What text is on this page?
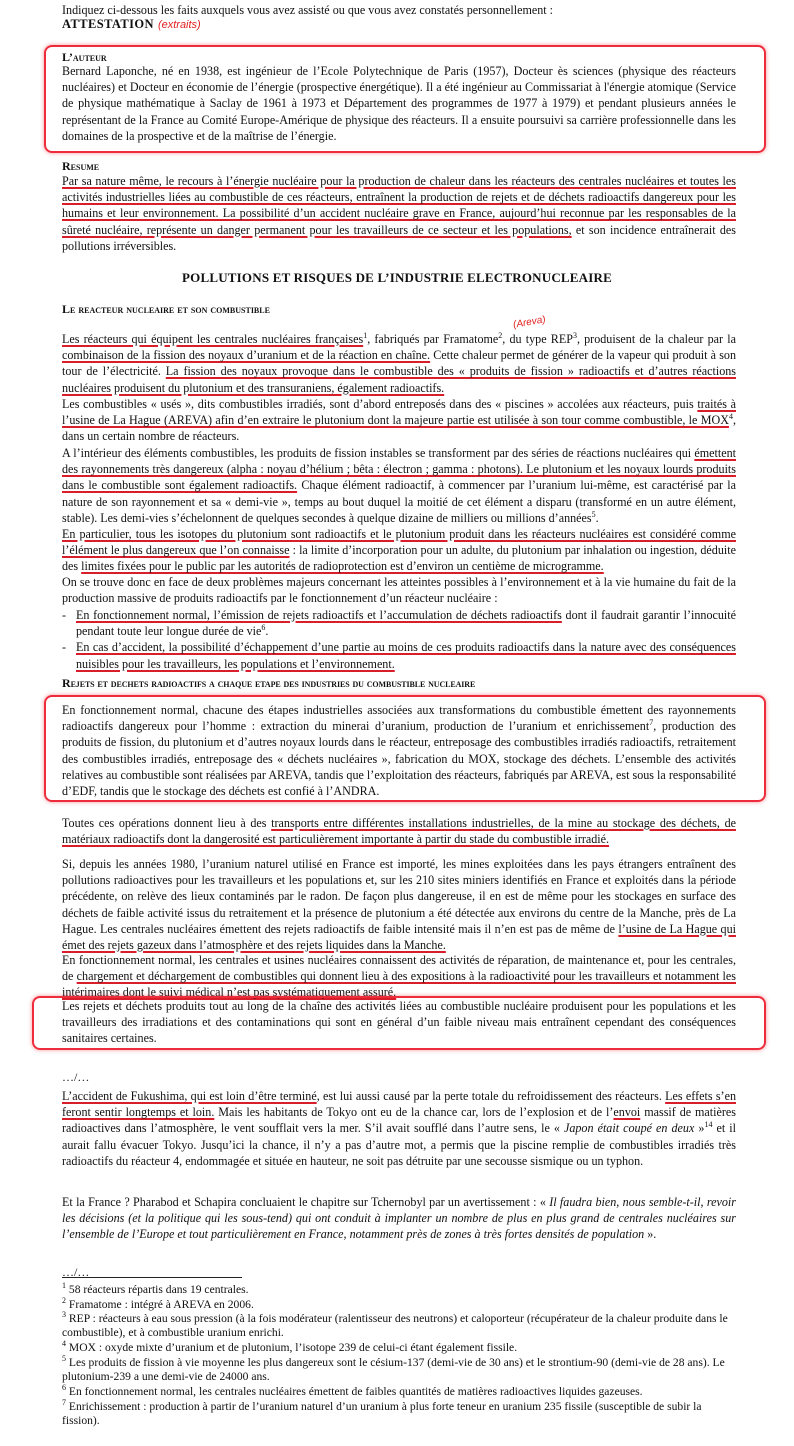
Indiquez ci-dessous les faits auxquels vous avez assisté ou que vous avez constatés personnellement :

ATTESTATION (extraits)
L’auteur

Bernard Laponche, né en 1938, est ingénieur de l’Ecole Polytechnique de Paris (1957), Docteur ès sciences (physique des réacteurs nucléaires) et Docteur en économie de l’énergie (prospective énergétique). Il a été ingénieur au Commissariat à l'énergie atomique (Service de physique mathématique à Saclay de 1961 à 1973 et Département des programmes de 1977 à 1979) et pendant plusieurs années le représentant de la France au Comité Europe-Amérique de physique des réacteurs. Il a ensuite poursuivi sa carrière professionnelle dans les domaines de la prospective et de la maîtrise de l’énergie.

Resume

Par sa nature même, le recours à l’énergie nucléaire pour la production de chaleur dans les réacteurs des centrales nucléaires et toutes les activités industrielles liées au combustible de ces réacteurs, entraînent la production de rejets et de déchets radioactifs dangereux pour les humains et leur environnement. La possibilité d’un accident nucléaire grave en France, aujourd’hui reconnue par les responsables de la sûreté nucléaire, représente un danger permanent pour les travailleurs de ce secteur et les populations, et son incidence entraînerait des pollutions irréversibles.

POLLUTIONS ET RISQUES DE L’INDUSTRIE ELECTRONUCLEAIRE
Le reacteur nucleaire et son combustible
(Areva)

Les réacteurs qui équipent les centrales nucléaires françaises$^1$, fabriqués par Framatome$^2$, du type REP$^3$, produisent de la chaleur par la combinaison de la fission des noyaux d’uranium et de la réaction en chaîne. Cette chaleur permet de générer de la vapeur qui produit à son tour de l’électricité. La fission des noyaux provoque dans le combustible des « produits de fission » radioactifs et d’autres réactions nucléaires produisent du plutonium et des transuraniens, également radioactifs.

Les combustibles « usés », dits combustibles irradiés, sont d’abord entreposés dans des « piscines » accolées aux réacteurs, puis traités à l’usine de La Hague (AREVA) afin d’en extraire le plutonium dont la majeure partie est utilisée à son tour comme combustible, le MOX$^4$, dans un certain nombre de réacteurs.

A l’intérieur des éléments combustibles, les produits de fission instables se transforment par des séries de réactions nucléaires qui émettent des rayonnements très dangereux (alpha : noyau d’hélium ; bêta : électron ; gamma : photons). Le plutonium et les noyaux lourds produits dans le combustible sont également radioactifs. Chaque élément radioactif, à commencer par l’uranium lui-même, est caractérisé par la nature de son rayonnement et sa « demi-vie », temps au bout duquel la moitié de cet élément a disparu (transformé en un autre élément, stable). Les demi-vies s’échelonnent de quelques secondes à quelque dizaine de milliers ou millions d’années$^5$.

En particulier, tous les isotopes du plutonium sont radioactifs et le plutonium produit dans les réacteurs nucléaires est considéré comme l’élément le plus dangereux que l’on connaisse : la limite d’incorporation pour un adulte, du plutonium par inhalation ou ingestion, déduite des limites fixées pour le public par les autorités de radioprotection est d’environ un centième de microgramme.

On se trouve donc en face de deux problèmes majeurs concernant les atteintes possibles à l’environnement et à la vie humaine du fait de la production massive de produits radioactifs par le fonctionnement d’un réacteur nucléaire :

- En fonctionnement normal, l’émission de rejets radioactifs et l’accumulation de déchets radioactifs dont il faudrait garantir l’innocuité pendant toute leur longue durée de vie$^6$.
- En cas d’accident, la possibilité d’échappement d’une partie au moins de ces produits radioactifs dans la nature avec des conséquences nuisibles pour les travailleurs, les populations et l’environnement.
Rejets et dechets radioactifs a chaque etape des industries du combustible nucleaire

En fonctionnement normal, chacune des étapes industrielles associées aux transformations du combustible émettent des rayonnements radioactifs dangereux pour l’homme : extraction du minerai d’uranium, production de l’uranium et enrichissement$^7$, production des produits de fission, du plutonium et d’autres noyaux lourds dans le réacteur, entreposage des combustibles irradiés radioactifs, retraitement des combustibles irradiés, entreposage des « déchets nucléaires », fabrication du MOX, stockage des déchets. L’ensemble des activités relatives au combustible sont réalisées par AREVA, tandis que l’exploitation des réacteurs, fabriqués par AREVA, est sous la responsabilité d’EDF, tandis que le stockage des déchets est confié à l’ANDRA.

Toutes ces opérations donnent lieu à des transports entre différentes installations industrielles, de la mine au stockage des déchets, de matériaux radioactifs dont la dangerosité est particulièrement importante à partir du stade du combustible irradié.

Si, depuis les années 1980, l’uranium naturel utilisé en France est importé, les mines exploitées dans les pays étrangers entraînent des pollutions radioactives pour les travailleurs et les populations et, sur les 210 sites miniers identifiés en France et exploités dans la période précédente, on relève des lieux contaminés par le radon. De façon plus dangereuse, il en est de même pour les stockages en surface des déchets de faible activité issus du retraitement et la présence de plutonium a été détectée aux environs du centre de la Manche, près de La Hague. Les centrales nucléaires émettent des rejets radioactifs de faible intensité mais il n’en est pas de même de l’usine de La Hague qui émet des rejets gazeux dans l’atmosphère et des rejets liquides dans la Manche.

En fonctionnement normal, les centrales et usines nucléaires connaissent des activités de réparation, de maintenance et, pour les centrales, de chargement et déchargement de combustibles qui donnent lieu à des expositions à la radioactivité pour les travailleurs et notamment les intérimaires dont le suivi médical n’est pas systématiquement assuré.

Les rejets et déchets produits tout au long de la chaîne des activités liées au combustible nucléaire produisent pour les populations et les travailleurs des irradiations et des contaminations qui sont en général d’un faible niveau mais entraînent cependant des conséquences sanitaires certaines.

…/…

L’accident de Fukushima, qui est loin d’être terminé, est lui aussi causé par la perte totale du refroidissement des réacteurs. Les effets s’en feront sentir longtemps et loin. Mais les habitants de Tokyo ont eu de la chance car, lors de l’explosion et de l’envoi massif de matières radioactives dans l’atmosphère, le vent soufflait vers la mer. S’il avait soufflé dans l’autre sens, le « Japon était coupé en deux »$^{14}$ et il aurait fallu évacuer Tokyo. Jusqu’ici la chance, il n’y a pas d’autre mot, a permis que la piscine remplie de combustibles irradiés très radioactifs du réacteur 4, endommagée et située en hauteur, ne soit pas détruite par une secousse sismique ou un typhon.

Et la France ? Pharabod et Schapira concluaient le chapitre sur Tchernobyl par un avertissement : « Il faudra bien, nous semble-t-il, revoir les décisions (et la politique qui les sous-tend) qui ont conduit à implanter un nombre de plus en plus grand de centrales nucléaires sur l’ensemble de l’Europe et tout particulièrement en France, notamment près de zones à très fortes densités de population ».

…/…
$^1$ 58 réacteurs répartis dans 19 centrales.
$^2$ Framatome : intégré à AREVA en 2006.
$^3$ REP : réacteurs à eau sous pression (à la fois modérateur (ralentisseur des neutrons) et caloporteur (récupérateur de la chaleur produite dans le combustible), et à combustible uranium enrichi.
$^4$ MOX : oxyde mixte d’uranium et de plutonium, l’isotope 239 de celui-ci étant également fissile.
$^5$ Les produits de fission à vie moyenne les plus dangereux sont le césium-137 (demi-vie de 30 ans) et le strontium-90 (demi-vie de 28 ans). Le plutonium-239 a une demi-vie de 24000 ans.
$^6$ En fonctionnement normal, les centrales nucléaires émettent de faibles quantités de matières radioactives liquides gazeuses.
$^7$ Enrichissement : production à partir de l’uranium naturel d’un uranium à plus forte teneur en uranium 235 fissile (susceptible de subir la fission).
